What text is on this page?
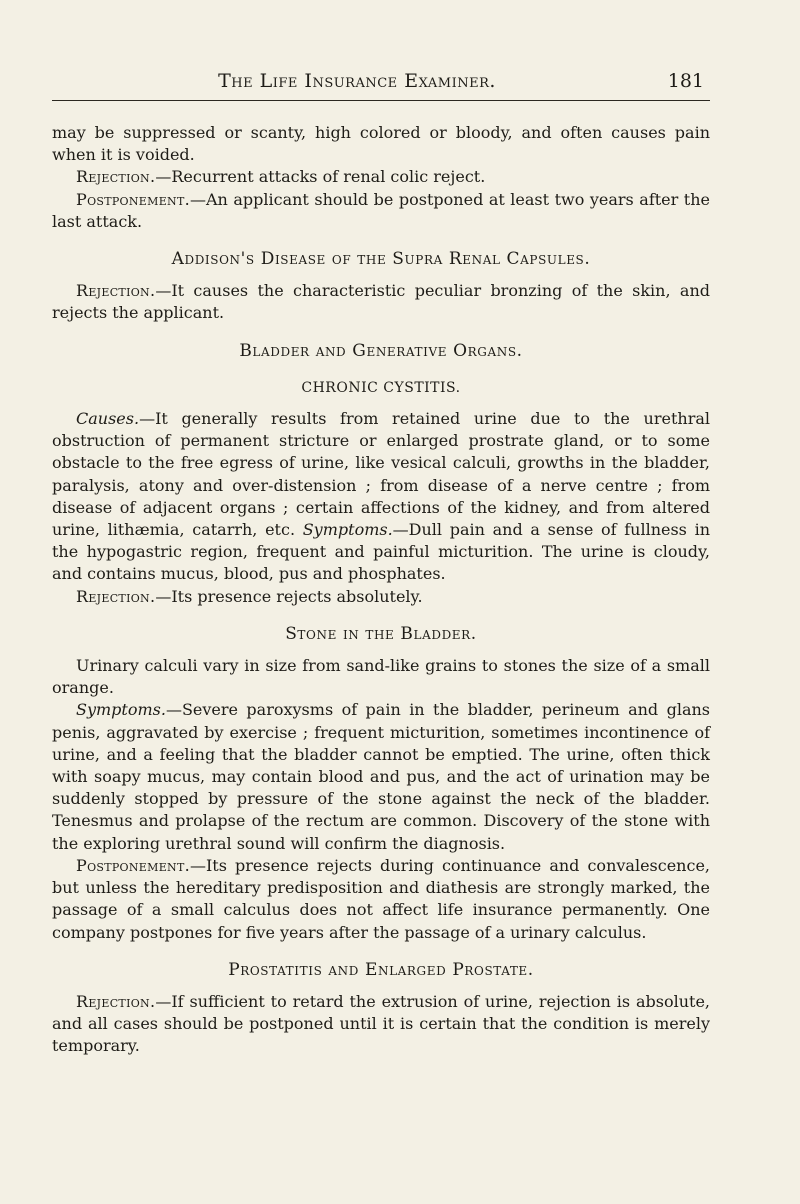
The Life Insurance Examiner.	181

may be suppressed or scanty, high colored or bloody, and often causes pain when it is voided.

Rejection.—Recurrent attacks of renal colic reject.

Postponement.—An applicant should be postponed at least two years after the last attack.

Addison's Disease of the Supra Renal Capsules.

Rejection.—It causes the characteristic peculiar bronzing of the skin, and rejects the applicant.

Bladder and Generative Organs.
CHRONIC CYSTITIS.

Causes.—It generally results from retained urine due to the urethral obstruction of permanent stricture or enlarged prostrate gland, or to some obstacle to the free egress of urine, like vesical calculi, growths in the bladder, paralysis, atony and over-distension ; from disease of a nerve centre ; from disease of adjacent organs ; certain affections of the kidney, and from altered urine, lithæmia, catarrh, etc. Symptoms.—Dull pain and a sense of fullness in the hypogastric region, frequent and painful micturition. The urine is cloudy, and contains mucus, blood, pus and phosphates.

Rejection.—Its presence rejects absolutely.

Stone in the Bladder.

Urinary calculi vary in size from sand-like grains to stones the size of a small orange.

Symptoms.—Severe paroxysms of pain in the bladder, perineum and glans penis, aggravated by exercise ; frequent micturition, sometimes incontinence of urine, and a feeling that the bladder cannot be emptied. The urine, often thick with soapy mucus, may contain blood and pus, and the act of urination may be suddenly stopped by pressure of the stone against the neck of the bladder. Tenesmus and prolapse of the rectum are common. Discovery of the stone with the exploring urethral sound will confirm the diagnosis.

Postponement.—Its presence rejects during continuance and convalescence, but unless the hereditary predisposition and diathesis are strongly marked, the passage of a small calculus does not affect life insurance permanently. One company postpones for five years after the passage of a urinary calculus.

Prostatitis and Enlarged Prostate.

Rejection.—If sufficient to retard the extrusion of urine, rejection is absolute, and all cases should be postponed until it is certain that the condition is merely temporary.
